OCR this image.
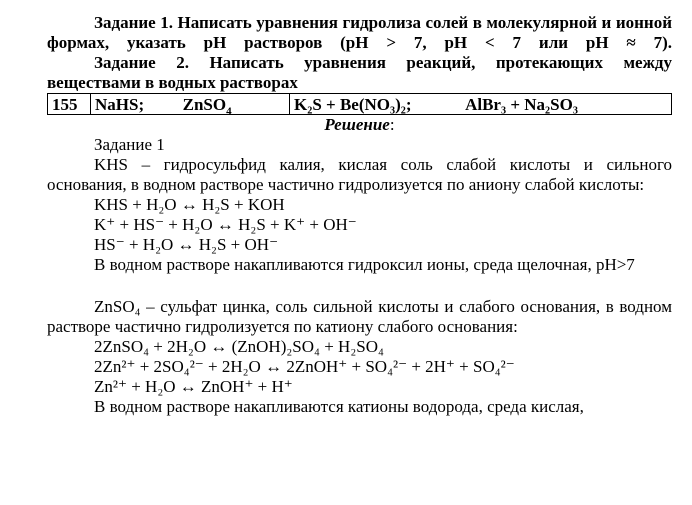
Задание 1. Написать уравнения гидролиза солей в молекулярной и ионной формах, указать pH растворов (pH > 7, pH < 7 или pH ≈ 7).

Задание 2. Написать уравнения реакций, протекающих между веществами в водных растворах

155	NaHS; ZnSO$_4$	K₂S + Be(NO₃)₂;	AlBr₃ + Na₂SO₃
Решение:

Задание 1

KHS – гидросульфид калия, кислая соль слабой кислоты и сильного основания, в водном растворе частично гидролизуется по аниону слабой кислоты:

KHS + H₂O ↔ H₂S + KOH

K⁺ + HS⁻ + H₂O ↔ H₂S + K⁺ + OH⁻

HS⁻ + H₂O ↔ H₂S + OH⁻

В водном растворе накапливаются гидроксил ионы, среда щелочная, pH>7

ZnSO₄ – сульфат цинка, соль сильной кислоты и слабого основания, в водном растворе частично гидролизуется по катиону слабого основания:

2ZnSO₄ + 2H₂O ↔ (ZnOH)₂SO₄ + H₂SO₄

2Zn²⁺ + 2SO₄²⁻ + 2H₂O ↔ 2ZnOH⁺ + SO₄²⁻ + 2H⁺ + SO₄²⁻

Zn²⁺ + H₂O ↔ ZnOH⁺ + H⁺

В водном растворе накапливаются катионы водорода, среда кислая,
